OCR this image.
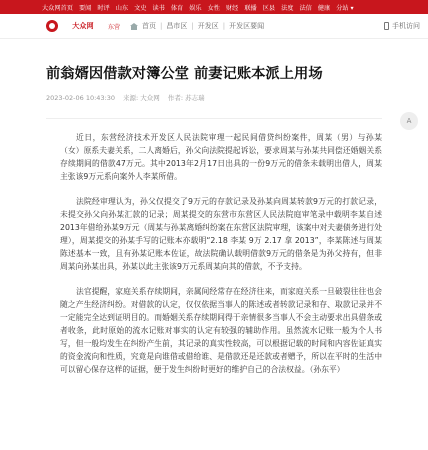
大众网首页 要闻 时评 山东 文史 读书 体育 娱乐 女性 财经 联播 区县 法度 法信 健康 分站 ▾
大众网	东营	首页 | 昌市区 | 开发区 | 开发区要闻	手机访问
A
前翁婿因借款对簿公堂 前妻记账本派上用场
2023-02-06 10:43:30 来源: 大众网 作者: 苏志瑞

近日，东营经济技术开发区人民法院审理一起民间借贷纠纷案件，周某（男）与孙某（女）原系夫妻关系，二人离婚后，孙父向法院提起诉讼，要求周某与孙某共同偿还婚姻关系存续期间的借款47万元。其中2013年2月17日出具的一份9万元的借条未载明出借人，周某主张该9万元系向案外人李某所借。

法院经审理认为，孙父仅提交了9万元的存款记录及孙某向周某转款9万元的打款记录，未提交孙父向孙某汇款的记录；周某提交的东营市东营区人民法院庭审笔录中载明李某自述2013年借给孙某9万元（周某与孙某离婚纠纷案在东营区法院审理，该案中对夫妻债务进行处理），周某提交的孙某手写的记账本亦载明“2.18 李某 9万 2.17 拿 2013”，李某陈述与周某陈述基本一致，且有孙某记账本佐证，故法院确认载明借款9万元的借条是为孙父持有，但非周某向孙某出具，孙某以此主张该9万元系周某向其的借款，不予支持。

法官提醒，家庭关系存续期间，亲属间经常存在经济往来，而家庭关系一旦破裂往往也会随之产生经济纠纷。对借款的认定，仅仅依据当事人的陈述或者转款记录和存、取款记录并不一定能完全达到证明目的。而婚姻关系存续期间得于亲情很多当事人不会主动要求出具借条或者收条，此时原始的流水记账对事实的认定有较强的辅助作用。虽然流水记账一般为个人书写，但一般均发生在纠纷产生前，其记录的真实性较高，可以根据记载的时间和内容佐证真实的资金流向和性质，究竟是向谁借或借给谁、是借款还是还款或者赠予，所以在平时的生活中可以留心保存这样的证据，便于发生纠纷时更好的维护自己的合法权益。（孙东平）
